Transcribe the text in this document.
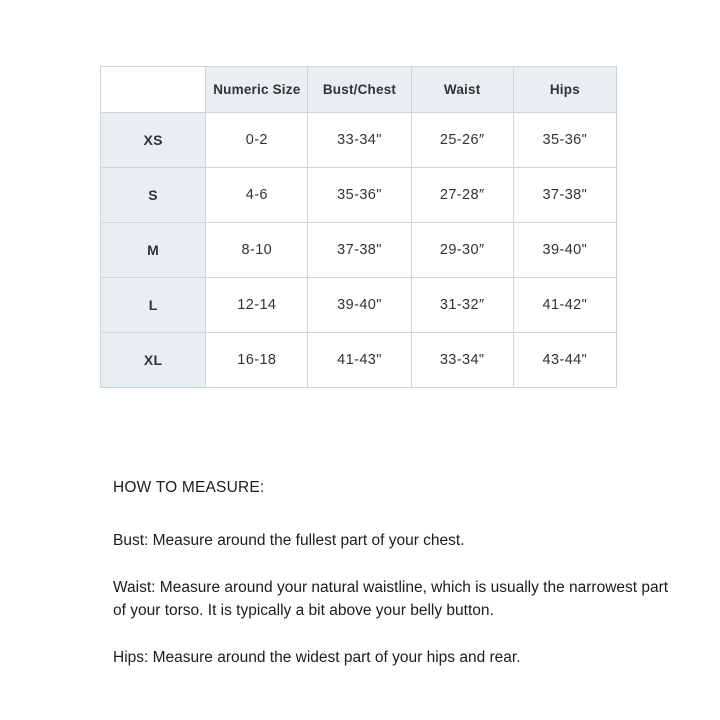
	Numeric Size	Bust/Chest	Waist	Hips
XS	0-2	33-34"	25-26″	35-36"
S	4-6	35-36"	27-28″	37-38"
M	8-10	37-38"	29-30″	39-40"
L	12-14	39-40"	31-32″	41-42"
XL	16-18	41-43"	33-34"	43-44"

HOW TO MEASURE:

Bust: Measure around the fullest part of your chest.

Waist: Measure around your natural waistline, which is usually the narrowest part
of your torso. It is typically a bit above your belly button.

Hips: Measure around the widest part of your hips and rear.
